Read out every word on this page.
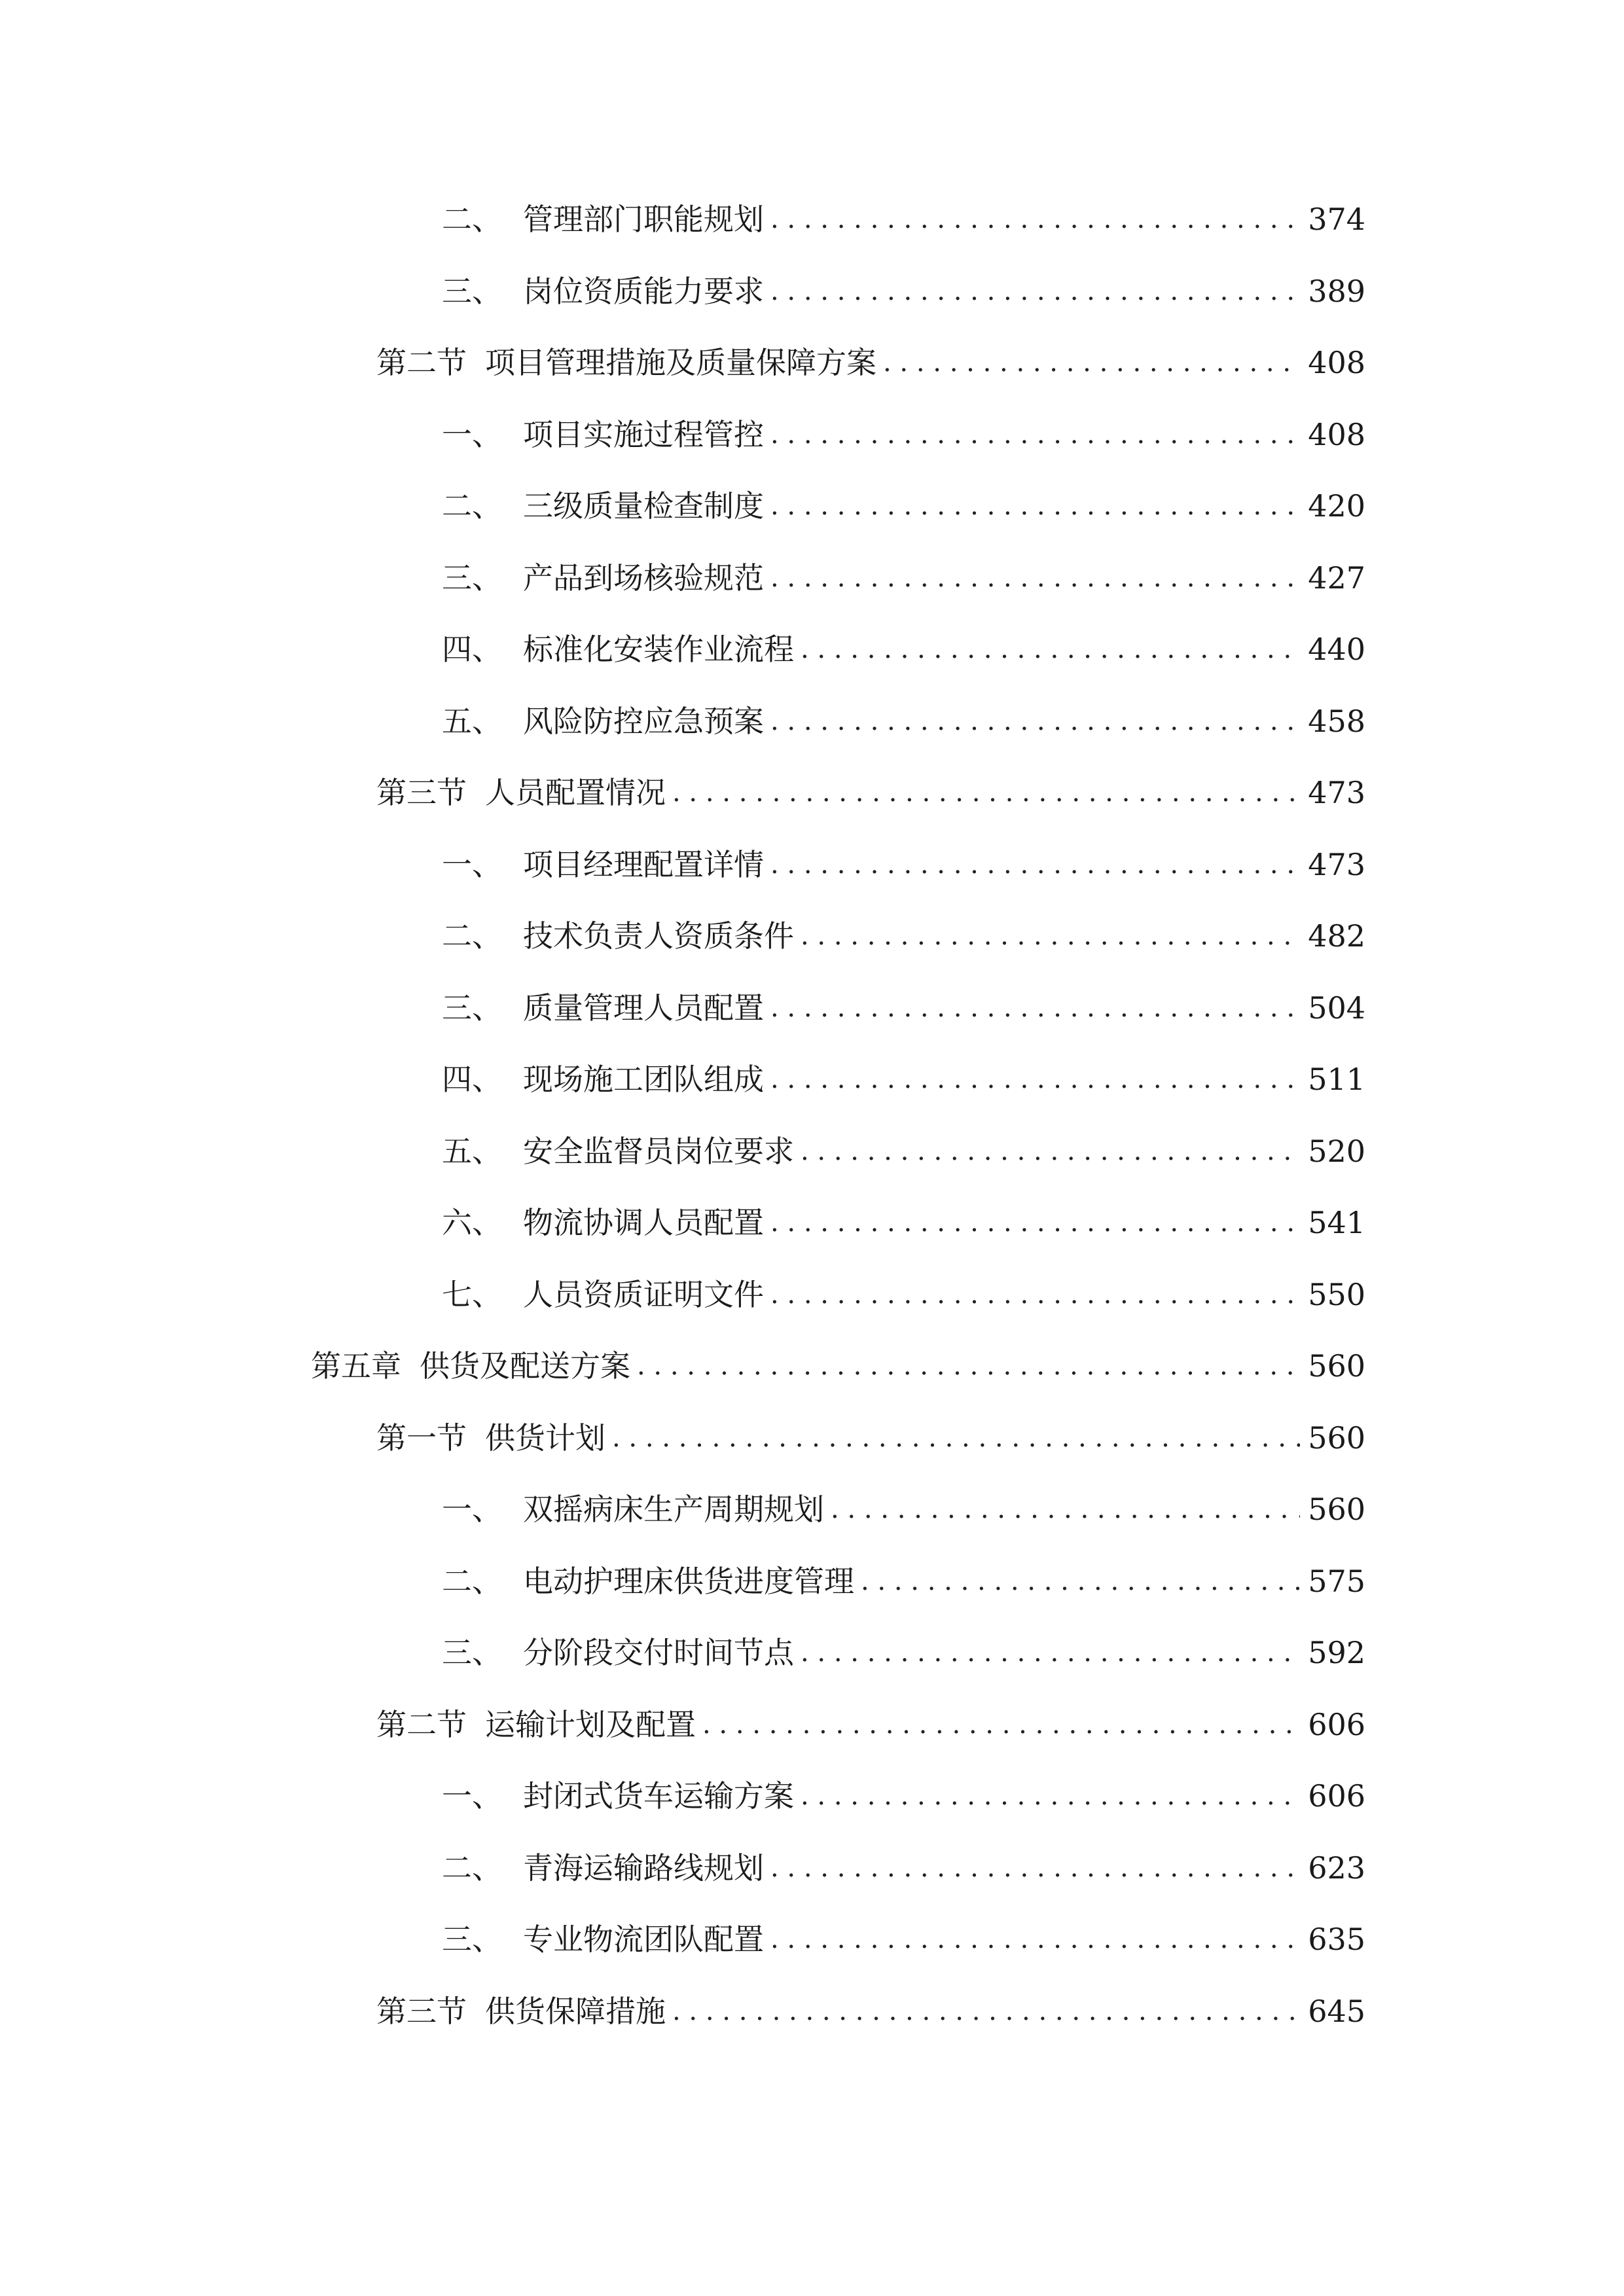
二、 管理部门职能规划 . . .	374
三、 岗位资质能力要求 . . .	389
第二节 项目管理措施及质量保障方案 . . .	408
一、 项目实施过程管控 . . .	408
二、 三级质量检查制度 . . .	420
三、 产品到场核验规范 . . .	427
四、 标准化安装作业流程 . . .	440
五、 风险防控应急预案 . . .	458
第三节 人员配置情况 . . .	473
一、 项目经理配置详情 . . .	473
二、 技术负责人资质条件 . . .	482
三、 质量管理人员配置 . . .	504
四、 现场施工团队组成 . . .	511
五、 安全监督员岗位要求 . . .	520
六、 物流协调人员配置 . . .	541
七、 人员资质证明文件 . . .	550
第五章 供货及配送方案 . . .	560
第一节 供货计划 . . .	560
一、 双摇病床生产周期规划 . . .	560
二、 电动护理床供货进度管理 . . .	575
三、 分阶段交付时间节点 . . .	592
第二节 运输计划及配置 . . .	606
一、 封闭式货车运输方案 . . .	606
二、 青海运输路线规划 . . .	623
三、 专业物流团队配置 . . .	635
第三节 供货保障措施 . . .	645
